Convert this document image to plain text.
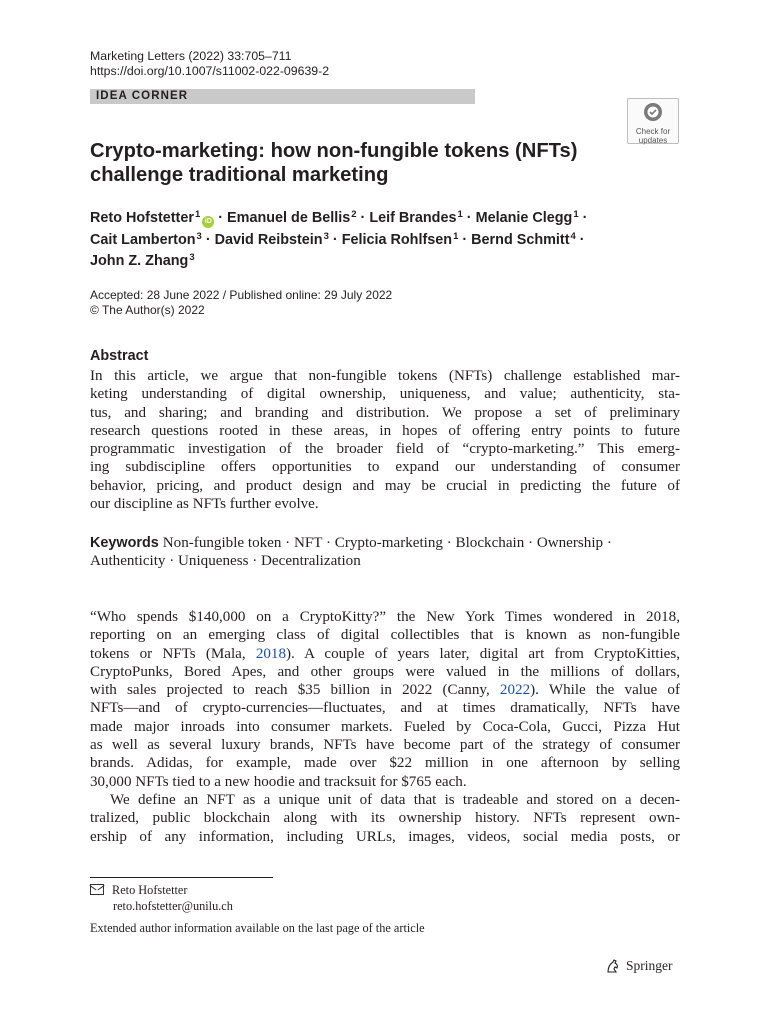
Marketing Letters (2022) 33:705–711
https://doi.org/10.1007/s11002-022-09639-2
IDEA CORNER
Check for
updates
Crypto-marketing: how non-fungible tokens (NFTs)
challenge traditional marketing
Reto Hofstetter$^1$iD · Emanuel de Bellis$^2$ · Leif Brandes$^1$ · Melanie Clegg$^1$ ·
Cait Lamberton$^3$ · David Reibstein$^3$ · Felicia Rohlfsen$^1$ · Bernd Schmitt$^4$ ·
John Z. Zhang$^3$
Accepted: 28 June 2022 / Published online: 29 July 2022
© The Author(s) 2022
Abstract
In this article, we argue that non-fungible tokens (NFTs) challenge established mar-
keting understanding of digital ownership, uniqueness, and value; authenticity, sta-
tus, and sharing; and branding and distribution. We propose a set of preliminary
research questions rooted in these areas, in hopes of offering entry points to future
programmatic investigation of the broader field of “crypto-marketing.” This emerg-
ing subdiscipline offers opportunities to expand our understanding of consumer
behavior, pricing, and product design and may be crucial in predicting the future of
our discipline as NFTs further evolve.
Keywords Non-fungible token · NFT · Crypto-marketing · Blockchain · Ownership ·
Authenticity · Uniqueness · Decentralization
“Who spends $140,000 on a CryptoKitty?” the New York Times wondered in 2018,
reporting on an emerging class of digital collectibles that is known as non-fungible
tokens or NFTs (Mala, 2018). A couple of years later, digital art from CryptoKitties,
CryptoPunks, Bored Apes, and other groups were valued in the millions of dollars,
with sales projected to reach $35 billion in 2022 (Canny, 2022). While the value of
NFTs—and of crypto-currencies—fluctuates, and at times dramatically, NFTs have
made major inroads into consumer markets. Fueled by Coca-Cola, Gucci, Pizza Hut
as well as several luxury brands, NFTs have become part of the strategy of consumer
brands. Adidas, for example, made over $22 million in one afternoon by selling
30,000 NFTs tied to a new hoodie and tracksuit for $765 each.
We define an NFT as a unique unit of data that is tradeable and stored on a decen-
tralized, public blockchain along with its ownership history. NFTs represent own-
ership of any information, including URLs, images, videos, social media posts, or
Reto Hofstetter
reto.hofstetter@unilu.ch
Extended author information available on the last page of the article
Springer
